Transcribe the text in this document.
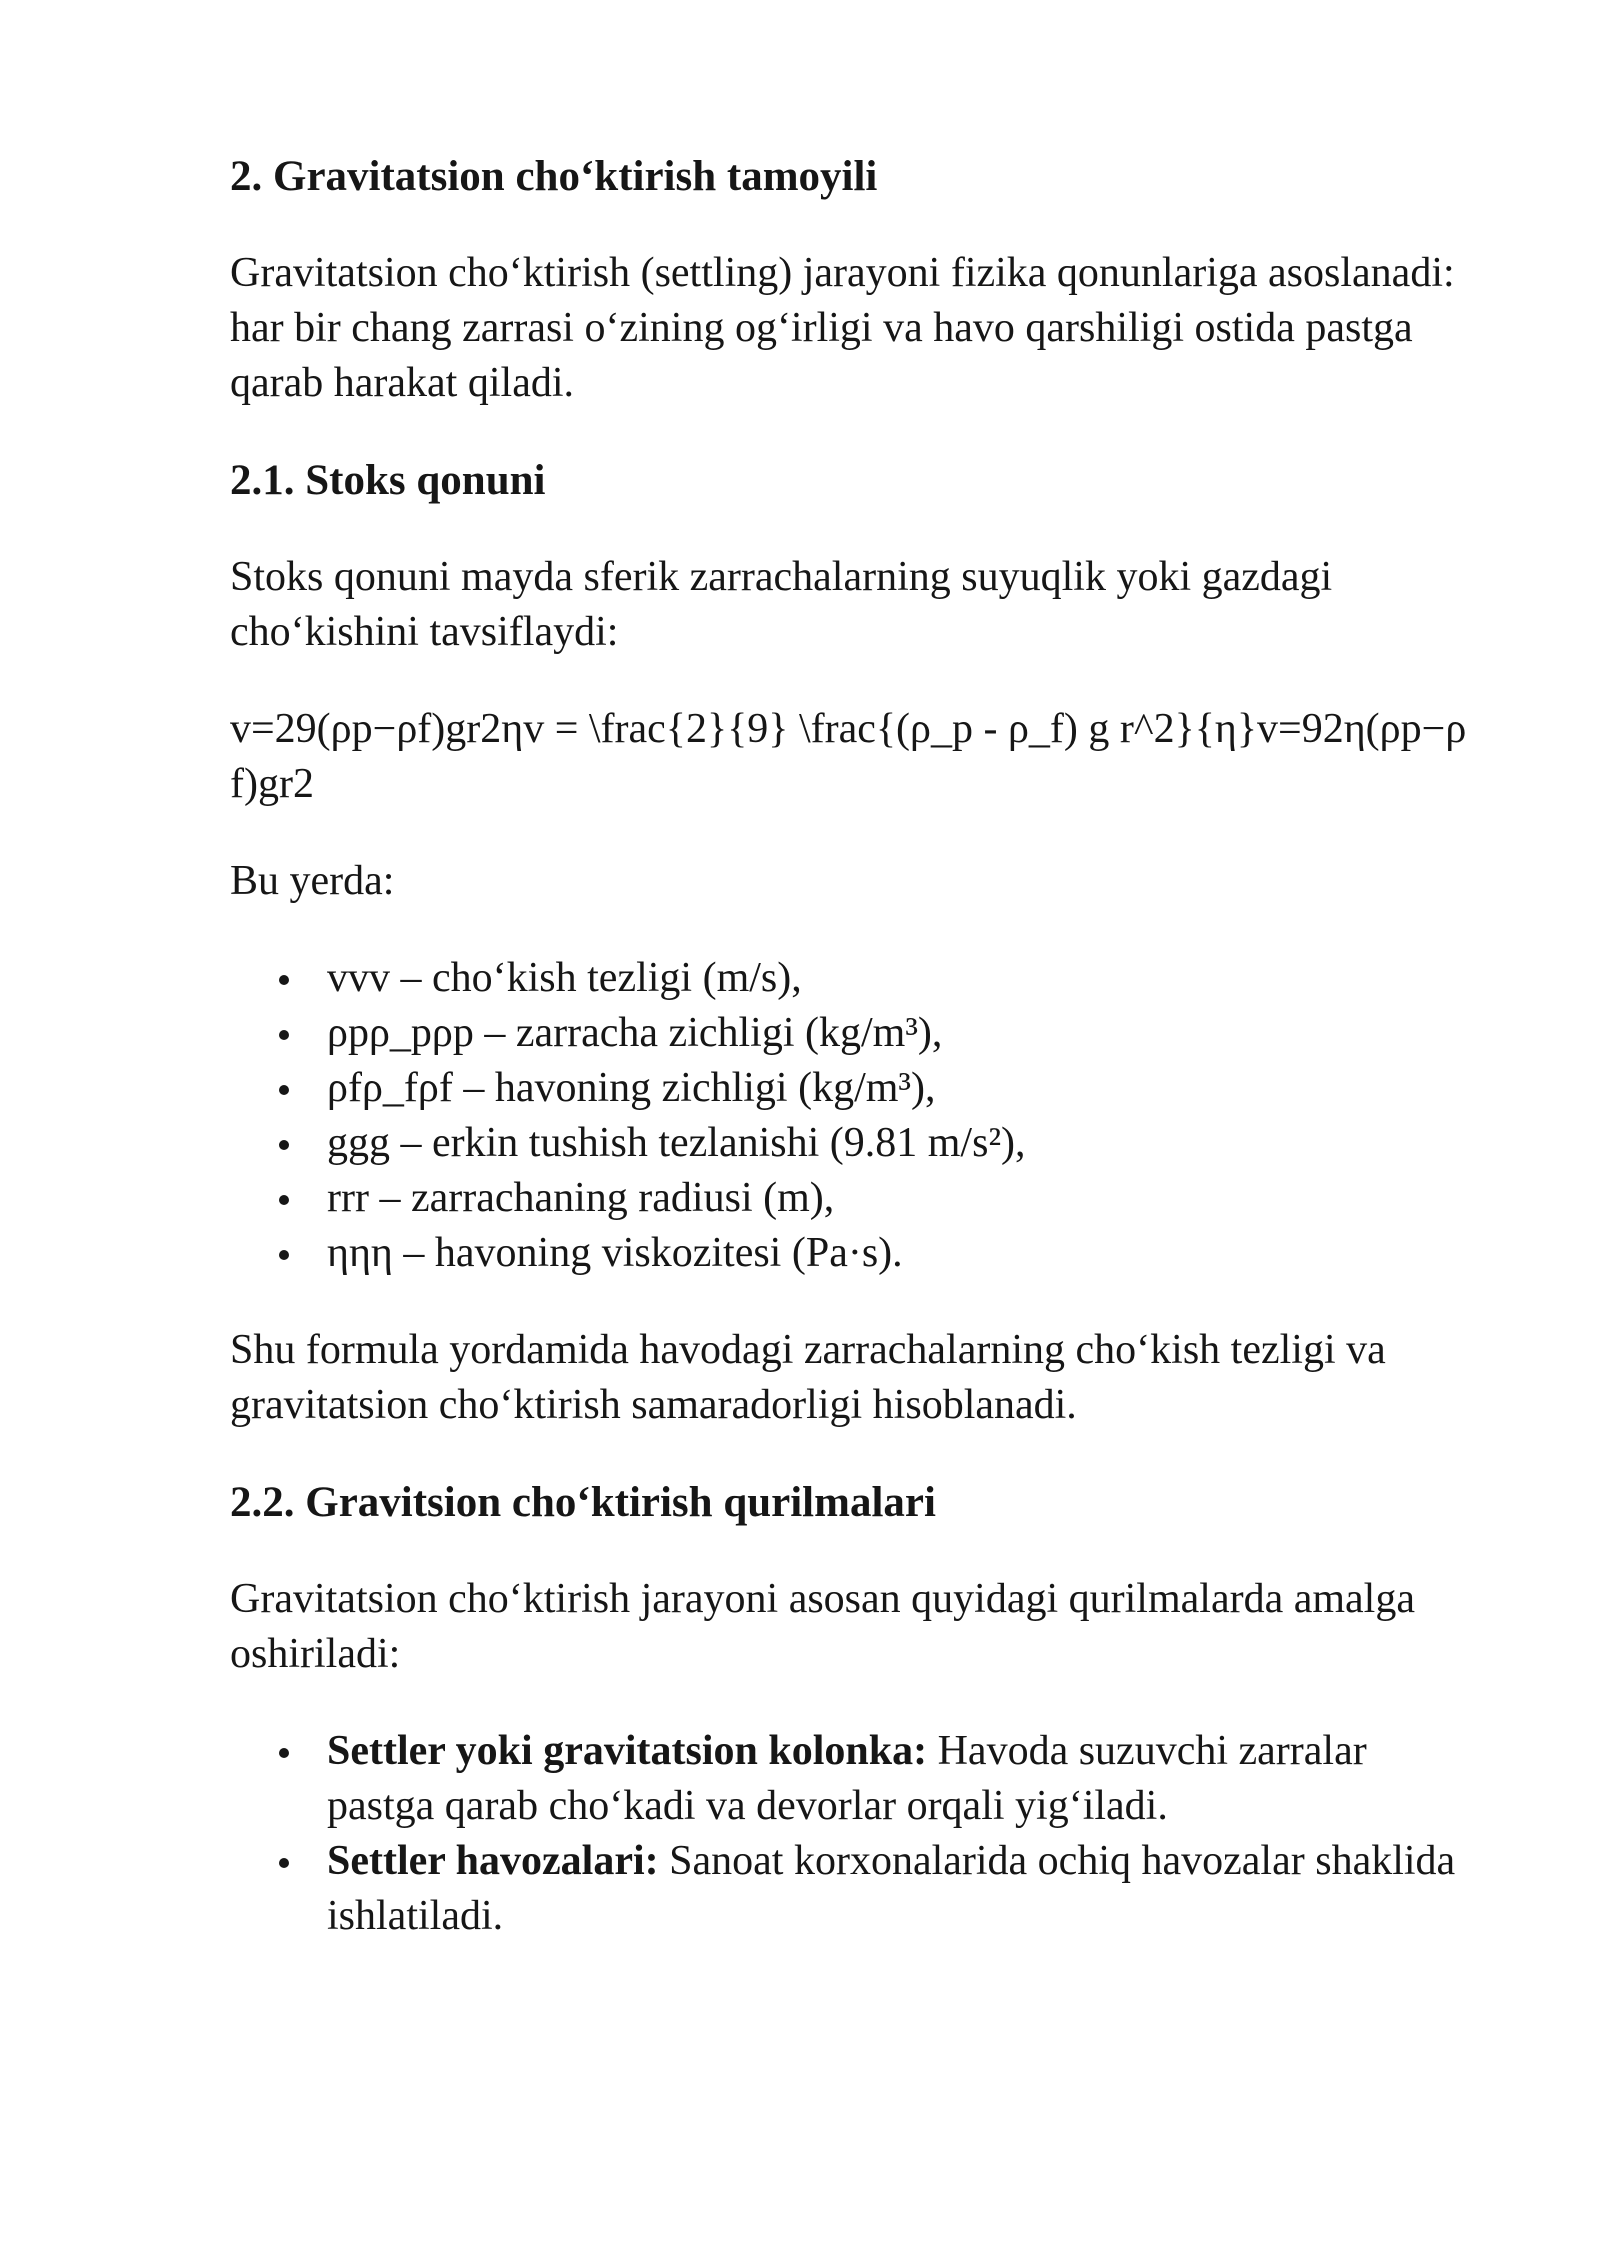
2. Gravitatsion cho‘ktirish tamoyili

Gravitatsion cho‘ktirish (settling) jarayoni fizika qonunlariga asoslanadi: har bir chang zarrasi o‘zining og‘irligi va havo qarshiligi ostida pastga qarab harakat qiladi.

2.1. Stoks qonuni

Stoks qonuni mayda sferik zarrachalarning suyuqlik yoki gazdagi cho‘kishini tavsiflaydi:

v=29(ρp−ρf)gr2ηv = \frac{2}{9} \frac{(ρ_p - ρ_f) g r^2}{η}v=92η(ρp−ρf)gr2

Bu yerda:

vvv – cho‘kish tezligi (m/s),
ρpρ_pρp – zarracha zichligi (kg/m³),
ρfρ_fρf – havoning zichligi (kg/m³),
ggg – erkin tushish tezlanishi (9.81 m/s²),
rrr – zarrachaning radiusi (m),
ηηη – havoning viskozitesi (Pa·s).

Shu formula yordamida havodagi zarrachalarning cho‘kish tezligi va gravitatsion cho‘ktirish samaradorligi hisoblanadi.

2.2. Gravitsion cho‘ktirish qurilmalari

Gravitatsion cho‘ktirish jarayoni asosan quyidagi qurilmalarda amalga oshiriladi:

Settler yoki gravitatsion kolonka: Havoda suzuvchi zarralar pastga qarab cho‘kadi va devorlar orqali yig‘iladi.
Settler havozalari: Sanoat korxonalarida ochiq havozalar shaklida ishlatiladi.
